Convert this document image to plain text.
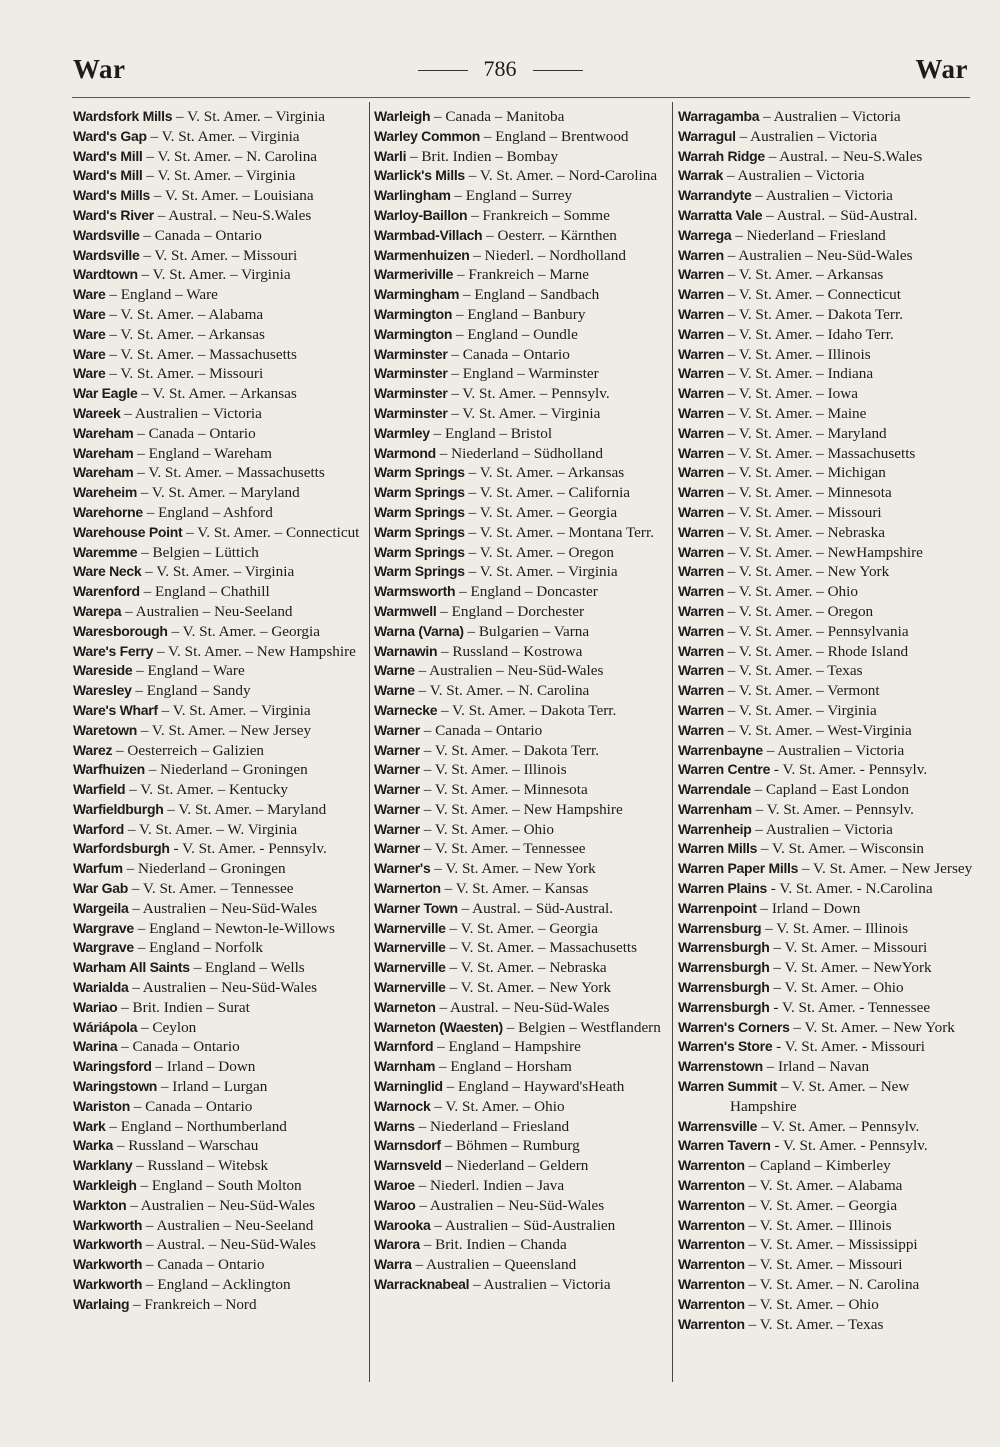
War	786	War
Wardsfork Mills – V. St. Amer. – Virginia
Ward's Gap – V. St. Amer. – Virginia
Ward's Mill – V. St. Amer. – N. Carolina
Ward's Mill – V. St. Amer. – Virginia
Ward's Mills – V. St. Amer. – Louisiana
Ward's River – Austral. – Neu-S.Wales
Wardsville – Canada – Ontario
Wardsville – V. St. Amer. – Missouri
Wardtown – V. St. Amer. – Virginia
Ware – England – Ware
Ware – V. St. Amer. – Alabama
Ware – V. St. Amer. – Arkansas
Ware – V. St. Amer. – Massachusetts
Ware – V. St. Amer. – Missouri
War Eagle – V. St. Amer. – Arkansas
Wareek – Australien – Victoria
Wareham – Canada – Ontario
Wareham – England – Wareham
Wareham – V. St. Amer. – Massachusetts
Wareheim – V. St. Amer. – Maryland
Warehorne – England – Ashford
Warehouse Point – V. St. Amer. – Connecticut
Waremme – Belgien – Lüttich
Ware Neck – V. St. Amer. – Virginia
Warenford – England – Chathill
Warepa – Australien – Neu-Seeland
Waresborough – V. St. Amer. – Georgia
Ware's Ferry – V. St. Amer. – New Hampshire
Wareside – England – Ware
Waresley – England – Sandy
Ware's Wharf – V. St. Amer. – Virginia
Waretown – V. St. Amer. – New Jersey
Warez – Oesterreich – Galizien
Warfhuizen – Niederland – Groningen
Warfield – V. St. Amer. – Kentucky
Warfieldburgh – V. St. Amer. – Maryland
Warford – V. St. Amer. – W. Virginia
Warfordsburgh - V. St. Amer. - Pennsylv.
Warfum – Niederland – Groningen
War Gab – V. St. Amer. – Tennessee
Wargeila – Australien – Neu-Süd-Wales
Wargrave – England – Newton-le-Willows
Wargrave – England – Norfolk
Warham All Saints – England – Wells
Warialda – Australien – Neu-Süd-Wales
Wariao – Brit. Indien – Surat
Wáriápola – Ceylon
Warina – Canada – Ontario
Waringsford – Irland – Down
Waringstown – Irland – Lurgan
Wariston – Canada – Ontario
Wark – England – Northumberland
Warka – Russland – Warschau
Warklany – Russland – Witebsk
Warkleigh – England – South Molton
Warkton – Australien – Neu-Süd-Wales
Warkworth – Australien – Neu-Seeland
Warkworth – Austral. – Neu-Süd-Wales
Warkworth – Canada – Ontario
Warkworth – England – Acklington
Warlaing – Frankreich – Nord
Warleigh – Canada – Manitoba
Warley Common – England – Brentwood
Warli – Brit. Indien – Bombay
Warlick's Mills – V. St. Amer. – Nord-Carolina
Warlingham – England – Surrey
Warloy-Baillon – Frankreich – Somme
Warmbad-Villach – Oesterr. – Kärnthen
Warmenhuizen – Niederl. – Nordholland
Warmeriville – Frankreich – Marne
Warmingham – England – Sandbach
Warmington – England – Banbury
Warmington – England – Oundle
Warminster – Canada – Ontario
Warminster – England – Warminster
Warminster – V. St. Amer. – Pennsylv.
Warminster – V. St. Amer. – Virginia
Warmley – England – Bristol
Warmond – Niederland – Südholland
Warm Springs – V. St. Amer. – Arkansas
Warm Springs – V. St. Amer. – California
Warm Springs – V. St. Amer. – Georgia
Warm Springs – V. St. Amer. – Montana Terr.
Warm Springs – V. St. Amer. – Oregon
Warm Springs – V. St. Amer. – Virginia
Warmsworth – England – Doncaster
Warmwell – England – Dorchester
Warna (Varna) – Bulgarien – Varna
Warnawin – Russland – Kostrowa
Warne – Australien – Neu-Süd-Wales
Warne – V. St. Amer. – N. Carolina
Warnecke – V. St. Amer. – Dakota Terr.
Warner – Canada – Ontario
Warner – V. St. Amer. – Dakota Terr.
Warner – V. St. Amer. – Illinois
Warner – V. St. Amer. – Minnesota
Warner – V. St. Amer. – New Hampshire
Warner – V. St. Amer. – Ohio
Warner – V. St. Amer. – Tennessee
Warner's – V. St. Amer. – New York
Warnerton – V. St. Amer. – Kansas
Warner Town – Austral. – Süd-Austral.
Warnerville – V. St. Amer. – Georgia
Warnerville – V. St. Amer. – Massachusetts
Warnerville – V. St. Amer. – Nebraska
Warnerville – V. St. Amer. – New York
Warneton – Austral. – Neu-Süd-Wales
Warneton (Waesten) – Belgien – Westflandern
Warnford – England – Hampshire
Warnham – England – Horsham
Warninglid – England – Hayward'sHeath
Warnock – V. St. Amer. – Ohio
Warns – Niederland – Friesland
Warnsdorf – Böhmen – Rumburg
Warnsveld – Niederland – Geldern
Waroe – Niederl. Indien – Java
Waroo – Australien – Neu-Süd-Wales
Warooka – Australien – Süd-Australien
Warora – Brit. Indien – Chanda
Warra – Australien – Queensland
Warracknabeal – Australien – Victoria
Warragamba – Australien – Victoria
Warragul – Australien – Victoria
Warrah Ridge – Austral. – Neu-S.Wales
Warrak – Australien – Victoria
Warrandyte – Australien – Victoria
Warratta Vale – Austral. – Süd-Austral.
Warrega – Niederland – Friesland
Warren – Australien – Neu-Süd-Wales
Warren – V. St. Amer. – Arkansas
Warren – V. St. Amer. – Connecticut
Warren – V. St. Amer. – Dakota Terr.
Warren – V. St. Amer. – Idaho Terr.
Warren – V. St. Amer. – Illinois
Warren – V. St. Amer. – Indiana
Warren – V. St. Amer. – Iowa
Warren – V. St. Amer. – Maine
Warren – V. St. Amer. – Maryland
Warren – V. St. Amer. – Massachusetts
Warren – V. St. Amer. – Michigan
Warren – V. St. Amer. – Minnesota
Warren – V. St. Amer. – Missouri
Warren – V. St. Amer. – Nebraska
Warren – V. St. Amer. – NewHampshire
Warren – V. St. Amer. – New York
Warren – V. St. Amer. – Ohio
Warren – V. St. Amer. – Oregon
Warren – V. St. Amer. – Pennsylvania
Warren – V. St. Amer. – Rhode Island
Warren – V. St. Amer. – Texas
Warren – V. St. Amer. – Vermont
Warren – V. St. Amer. – Virginia
Warren – V. St. Amer. – West-Virginia
Warrenbayne – Australien – Victoria
Warren Centre - V. St. Amer. - Pennsylv.
Warrendale – Capland – East London
Warrenham – V. St. Amer. – Pennsylv.
Warrenheip – Australien – Victoria
Warren Mills – V. St. Amer. – Wisconsin
Warren Paper Mills – V. St. Amer. – New Jersey
Warren Plains - V. St. Amer. - N.Carolina
Warrenpoint – Irland – Down
Warrensburg – V. St. Amer. – Illinois
Warrensburgh – V. St. Amer. – Missouri
Warrensburgh – V. St. Amer. – NewYork
Warrensburgh – V. St. Amer. – Ohio
Warrensburgh - V. St. Amer. - Tennessee
Warren's Corners – V. St. Amer. – New York
Warren's Store - V. St. Amer. - Missouri
Warrenstown – Irland – Navan
Warren Summit – V. St. Amer. – New Hampshire
Warrensville – V. St. Amer. – Pennsylv.
Warren Tavern - V. St. Amer. - Pennsylv.
Warrenton – Capland – Kimberley
Warrenton – V. St. Amer. – Alabama
Warrenton – V. St. Amer. – Georgia
Warrenton – V. St. Amer. – Illinois
Warrenton – V. St. Amer. – Mississippi
Warrenton – V. St. Amer. – Missouri
Warrenton – V. St. Amer. – N. Carolina
Warrenton – V. St. Amer. – Ohio
Warrenton – V. St. Amer. – Texas
